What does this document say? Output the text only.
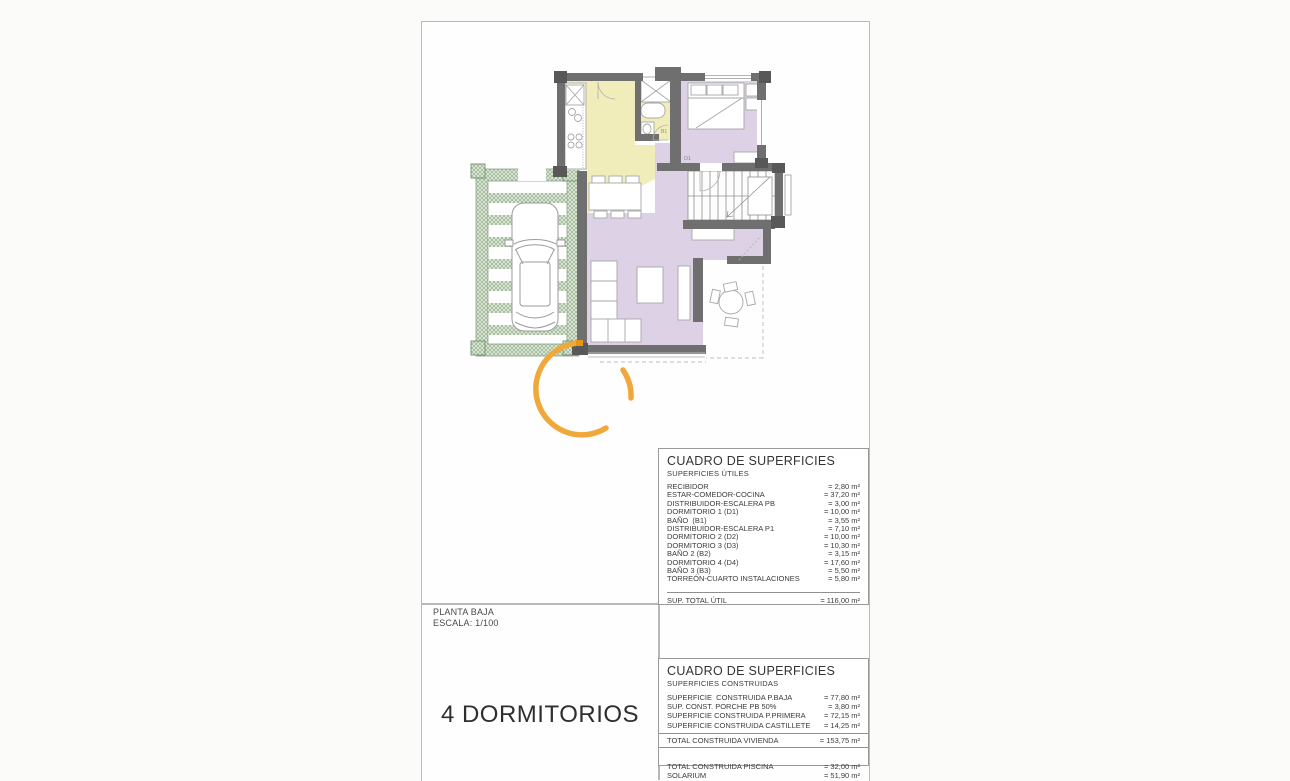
D1
B1
PLANTA BAJA
ESCALA: 1/100
4 DORMITORIOS
CUADRO DE SUPERFICIES
SUPERFICIES ÚTILES
RECIBIDOR	= 2,80 m²
ESTAR-COMEDOR-COCINA	= 37,20 m²
DISTRIBUIDOR-ESCALERA PB	= 3,00 m²
DORMITORIO 1 (D1)	= 10,00 m²
BAÑO  (B1)	= 3,55 m²
DISTRIBUIDOR-ESCALERA P1	= 7,10 m²
DORMITORIO 2 (D2)	= 10,00 m²
DORMITORIO 3 (D3)	= 10,30 m²
BAÑO 2 (B2)	= 3,15 m²
DORMITORIO 4 (D4)	= 17,60 m²
BAÑO 3 (B3)	= 5,50 m²
TORREÓN-CUARTO INSTALACIONES	= 5,80 m²
SUP. TOTAL ÚTIL	= 116,00 m²
CUADRO DE SUPERFICIES
SUPERFICIES CONSTRUIDAS
SUPERFICIE  CONSTRUIDA P.BAJA	= 77,80 m²
SUP. CONST. PORCHE PB 50%	= 3,80 m²
SUPERFICIE CONSTRUIDA P.PRIMERA = 72,15 m²
SUPERFICIE CONSTRUIDA CASTILLETE = 14,25 m²
TOTAL CONSTRUIDA VIVIENDA	= 153,75 m²
TOTAL CONSTRUIDA PISCINA	= 32,00 m²
SOLARIUM	= 51,90 m²
